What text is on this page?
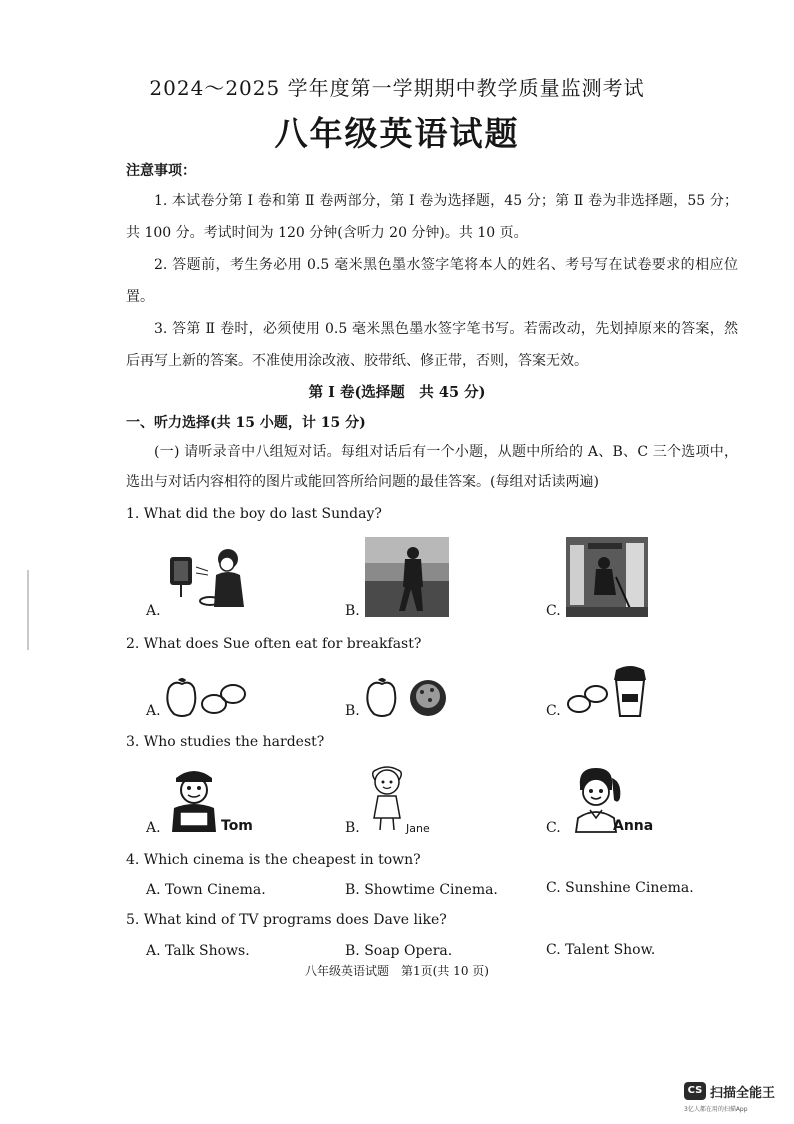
2024～2025 学年度第一学期期中教学质量监测考试
八年级英语试题
注意事项：
1. 本试卷分第 Ⅰ 卷和第 Ⅱ 卷两部分，第 Ⅰ 卷为选择题，45 分；第 Ⅱ 卷为非选择题，55 分；共 100 分。考试时间为 120 分钟(含听力 20 分钟)。共 10 页。
2. 答题前，考生务必用 0.5 毫米黑色墨水签字笔将本人的姓名、考号写在试卷要求的相应位置。
3. 答第 Ⅱ 卷时，必须使用 0.5 毫米黑色墨水签字笔书写。若需改动，先划掉原来的答案，然后再写上新的答案。不准使用涂改液、胶带纸、修正带，否则，答案无效。
第 Ⅰ 卷(选择题　共 45 分)
一、听力选择(共 15 小题，计 15 分)
(一) 请听录音中八组短对话。每组对话后有一个小题，从题中所给的 A、B、C 三个选项中，选出与对话内容相符的图片或能回答所给问题的最佳答案。(每组对话读两遍)
1. What did the boy do last Sunday?
A.	B.	C.
2. What does Sue often eat for breakfast?
A.	B.	C.
3. Who studies the hardest?
A.	Tom	B.	Jane	C.	Anna
4. Which cinema is the cheapest in town?
A. Town Cinema.	B. Showtime Cinema.	C. Sunshine Cinema.
5. What kind of TV programs does Dave like?
A. Talk Shows.	B. Soap Opera.	C. Talent Show.
八年级英语试题　第1页(共 10 页)
CS 扫描全能王
3亿人都在用的扫描App
